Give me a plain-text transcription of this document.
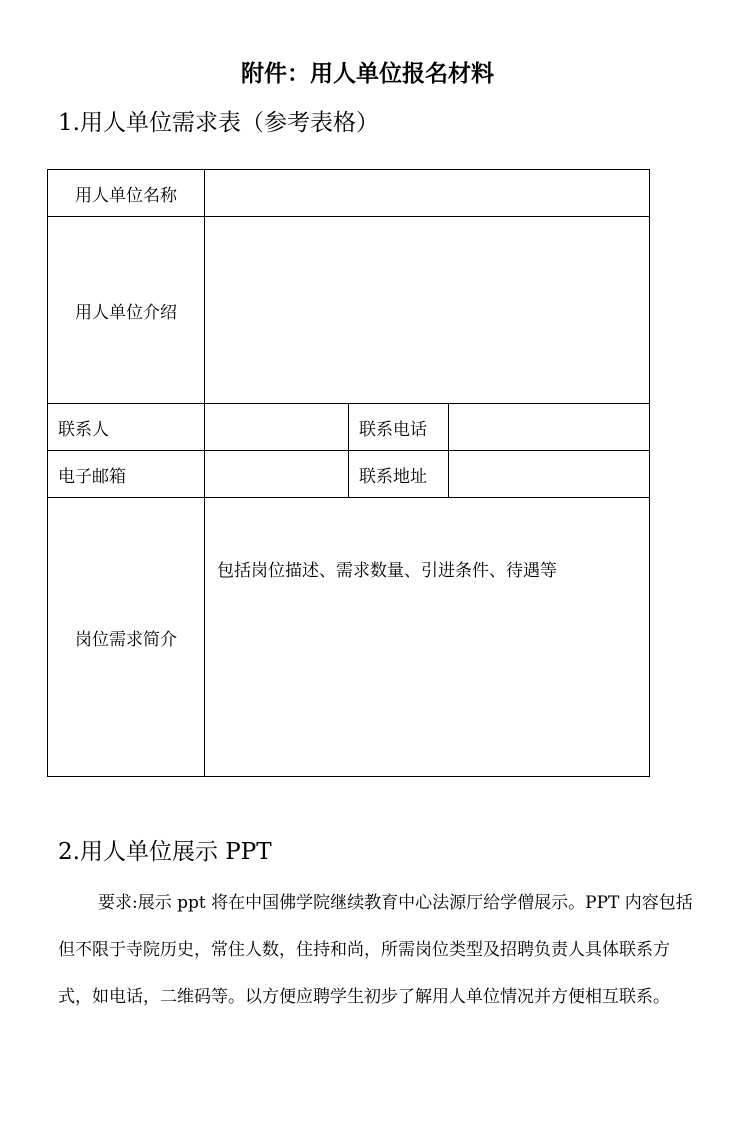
附件：用人单位报名材料
1.用人单位需求表（参考表格）
用人单位名称			
用人单位介绍			
联系人		联系电话	
电子邮箱		联系地址	
岗位需求简介	包括岗位描述、需求数量、引进条件、待遇等		
2.用人单位展示 PPT

要求:展示 ppt 将在中国佛学院继续教育中心法源厅给学僧展示。PPT 内容包括但不限于寺院历史，常住人数，住持和尚，所需岗位类型及招聘负责人具体联系方式，如电话，二维码等。以方便应聘学生初步了解用人单位情况并方便相互联系。
